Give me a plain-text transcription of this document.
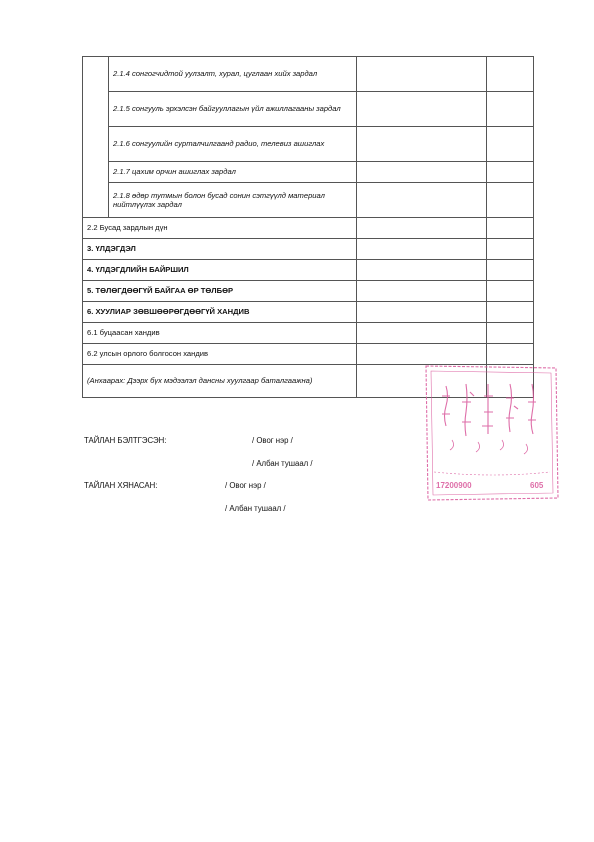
	2.1.4 сонгогчидтой уулзалт, хурал, цуглаан хийх зардал		
	2.1.5 сонгууль эрхэлсэн байгууллагын үйл ажиллагааны зардал		
	2.1.6 сонгуулийн сурталчилгаанд радио, телевиз ашиглах		
	2.1.7 цахим орчин ашиглах зардал		
	2.1.8 өдөр тутмын болон бусад сонин сэтгүүлд материал нийтлүүлэх зардал		
2.2 Бусад зардлын дүн			
3. ҮЛДЭГДЭЛ			
4. ҮЛДЭГДЛИЙН БАЙРШИЛ			
5. ТӨЛӨГДӨӨГҮЙ БАЙГАА ӨР ТӨЛБӨР			
6. ХУУЛИАР ЗӨВШӨӨРӨГДӨӨГҮЙ ХАНДИВ			
6.1 буцаасан хандив			
6.2 улсын орлого болгосон хандив			
(Анхаарах: Дээрх бүх мэдээлэл дансны хуулгаар баталгаажна)			
ТАЙЛАН БЭЛТГЭСЭН:	/ Овог нэр /
/ Албан тушаал /
ТАЙЛАН ХЯНАСАН:	/ Овог нэр /
/ Албан тушаал /
17200900	605
